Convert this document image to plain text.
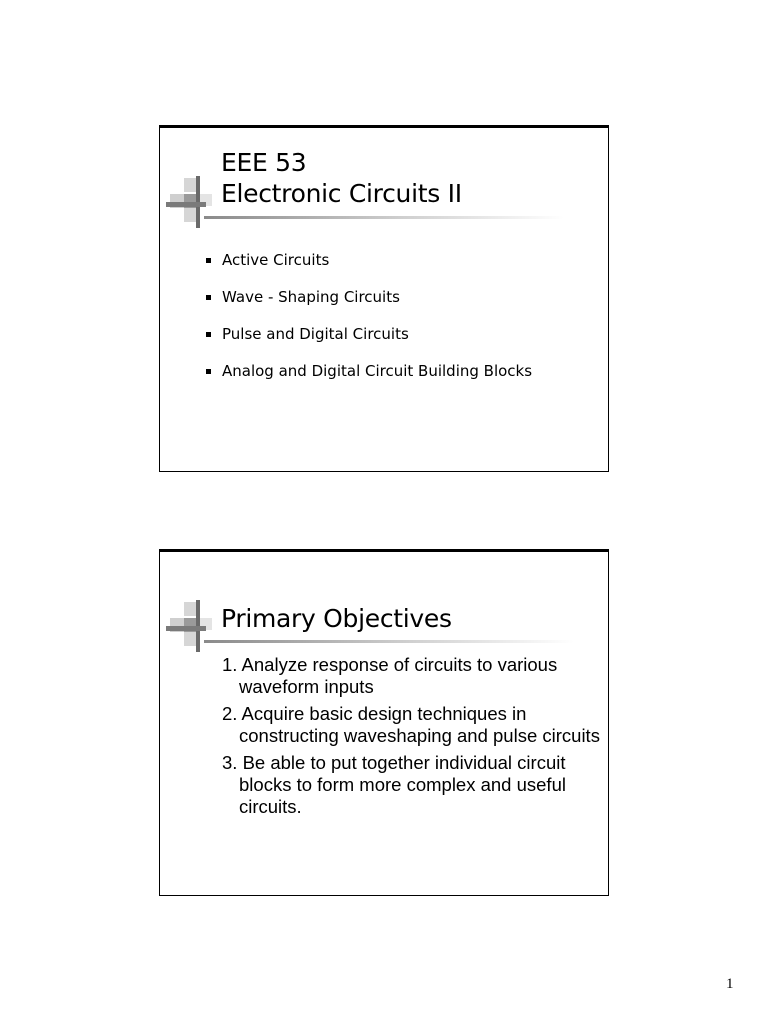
EEE 53
Electronic Circuits II
Active Circuits
Wave - Shaping Circuits
Pulse and Digital Circuits
Analog and Digital Circuit Building Blocks
Primary Objectives
1. Analyze response of circuits to various waveform inputs
2. Acquire basic design techniques in constructing waveshaping and pulse circuits
3. Be able to put together individual circuit blocks to form more complex and useful circuits.
1
